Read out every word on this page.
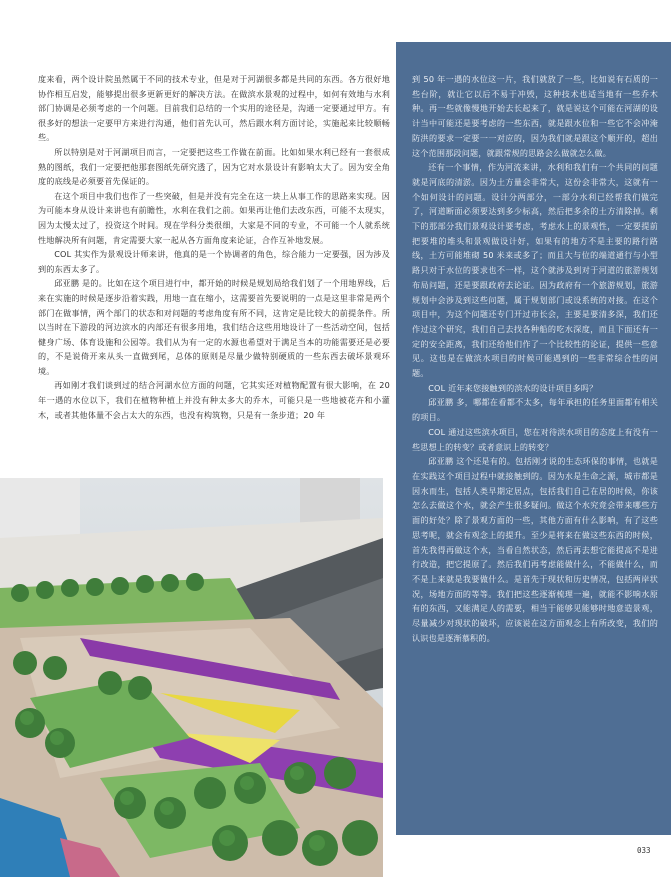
度来看，两个设计院虽然属于不同的技术专业，但是对于河湖很多都是共同的东西。各方很好地协作相互启发，能够提出很多更新更好的解决方法。在做滨水景观的过程中，如何有效地与水利部门协调是必须考虑的一个问题。目前我们总结的一个实用的途径是，沟通一定要通过甲方。有很多好的想法一定要甲方来进行沟通，他们首先认可，然后跟水利方面讨论，实施起来比较顺畅些。

所以特别是对于河湖项目而言，一定要把这些工作做在前面。比如如果水利已经有一套很成熟的图纸，我们一定要把他那套图纸先研究透了，因为它对水景设计有影响太大了。因为安全角度的底线是必须要首先保证的。

在这个项目中我们也作了一些突破，但是并没有完全在这一块上从事工作的思路来实现。因为可能本身从设计来讲也有前瞻性，水利在我们之前。如果再让他们去改东西，可能不太现实，因为太慢太过了，投资这个时间。现在学科分类很细，大家是不同的专业，不可能一个人就系统性地解决所有问题，肯定需要大家一起从各方面角度来论证，合作互补地发展。

COL 其实作为景观设计师来讲，他真的是一个协调者的角色，综合能力一定要强，因为涉及到的东西太多了。

邱亚鹏 是的。比如在这个项目进行中，都开始的时候是规划局给我们划了一个用地界线，后来在实施的时候是逐步沿着实践，用地一直在缩小，这需要首先要说明的一点是这里非常是两个部门在做事情，两个部门的状态和对问题的考虑角度有所不同，这肯定是比较大的前提条件。所以当时在下游段的河边滨水的内部还有很多用地，我们结合这些用地设计了一些活动空间，包括健身广场、体育设施和公园等。我们从为有一定的水源也希望对于满足当本的功能需要还是必要的，不是说倚开来从头一直做到尾，总体的原则是尽量少做特别硬质的一些东西去破坏景观环境。

再如刚才我们谈到过的结合河湖水位方面的问题，它其实还对植物配置有很大影响，在 20 年一遇的水位以下，我们在植物种植上并没有种太多大的乔木，可能只是一些地被花卉和小灌木，或者其他体量不会占太大的东西，也没有构筑物，只是有一条步道；20 年

到 50 年一遇的水位这一片，我们就放了一些，比如说有石质的一些台阶，就让它以后不易于冲毁，这种技术也适当地有一些乔木种。再一些就像慢地开始去长起来了，就是说这个可能在河湖的设计当中可能还是要考虑的一些东西，就是跟水位和一些它不会冲淹防洪的要求一定要一一对应的，因为我们就是跟这个顺开的，超出这个范围那段问题，就跟常规的思路会么做就怎么做。

还有一个事情，作为河流来讲，水利和我们有一个共同的问题就是河底的清淤。因为土方量会非常大，这份会非常大，这就有一个如何设计的问题。设计分两部分，一部分水利已经帮我们做完了，河道断面必须要达到多少标高，然后把多余的土方清除掉。剩下的那部分我们景观设计要考虑，考虑水上的景观性，一定要提前把要堆的堆头和景观做设计好，如果有的地方不是主要的路行路线，土方可能堆砌 50 米来或多了；而且大与位的端道通行与小型路只对于水位的要求也不一样，这个就涉及到对于河道的旅游规划布局问题，还是要跟政府去论证。因为政府有一个旅游规划，旅游规划中会涉及到这些问题，属于规划部门或设系统的对接。在这个项目中，为这个问题还专门开过市长会，主要是要清多深，我们还作过这个研究，我们自己去找各种船的吃水深度，而且下面还有一定的安全距离，我们还给他们作了一个比较性的论证，提供一些意见。这也是在做滨水项目的时候可能遇到的一些非常综合性的问题。

COL 近年来您接触到的滨水的设计项目多吗？

邱亚鹏 多，哪都在看都不太多，每年承担的任务里面都有相关的项目。

COL 通过这些滨水项目，您在对待滨水项目的态度上有没有一些思想上的转变？或者意识上的转变？

邱亚鹏 这个还是有的。包括刚才说的生态环保的事情，也就是在实践这个项目过程中就接触到的。因为水是生命之源，城市都是因水而生，包括人类早期定居点，包括我们自己在居的时候，你该怎么去做这个水，就会产生很多疑问。做这个水究竟会带来哪些方面的好处？除了景观方面的一些，其他方面有什么影响，有了这些思考呢，就会有观念上的提升。至少是将来在做这些东西的时候，首先我得再做这个水，当看自然状态，然后再去想它能提高不是进行改造，把它提原了。然后我们再考虑能做什么，不能做什么，而不是上来就是我要做什么。是首先于现状和历史情况，包括两岸状况，场地方面的等等。我们把这些逐渐梳理一遍，就能不影响水原有的东西，又能满足人的需要，相当于能够见能够时地意造景观，尽量减少对现状的破坏，应该说在这方面观念上有所改变，我们的认识也是逐渐慕积的。

033
